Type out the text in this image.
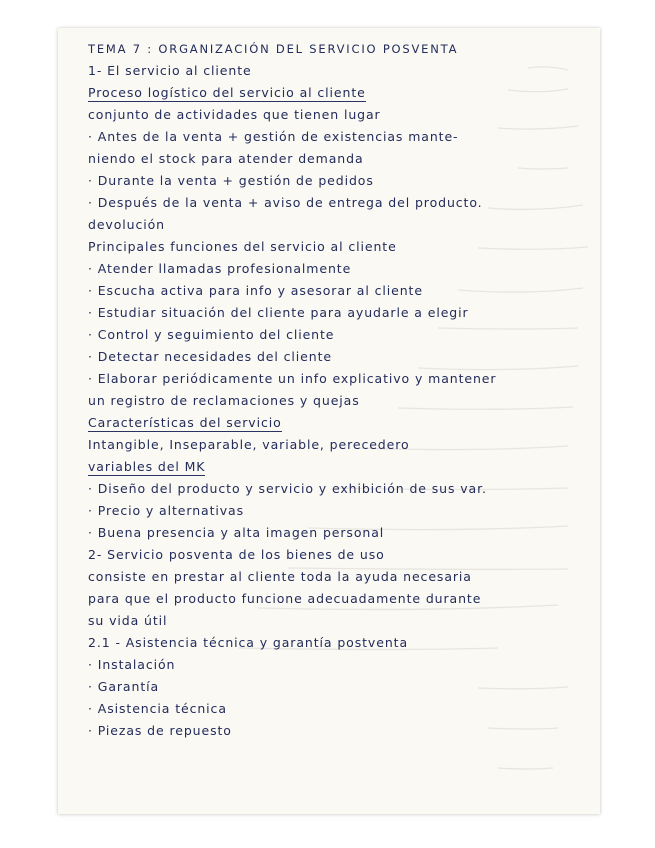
TEMA 7 : ORGANIZACIÓN DEL SERVICIO POSVENTA

1- El servicio al cliente

Proceso logístico del servicio al cliente

conjunto de actividades que tienen lugar

· Antes de la venta + gestión de existencias mante-

niendo el stock para atender demanda

· Durante la venta + gestión de pedidos

· Después de la venta + aviso de entrega del producto.

devolución

Principales funciones del servicio al cliente

· Atender llamadas profesionalmente

· Escucha activa para info y asesorar al cliente

· Estudiar situación del cliente para ayudarle a elegir

· Control y seguimiento del cliente

· Detectar necesidades del cliente

· Elaborar periódicamente un info explicativo y mantener

un registro de reclamaciones y quejas

Características del servicio

Intangible, Inseparable, variable, perecedero

variables del MK

· Diseño del producto y servicio y exhibición de sus var.

· Precio y alternativas

· Buena presencia y alta imagen personal

2- Servicio posventa de los bienes de uso

consiste en prestar al cliente toda la ayuda necesaria

para que el producto funcione adecuadamente durante

su vida útil

2.1 - Asistencia técnica y garantía postventa

· Instalación

· Garantía

· Asistencia técnica

· Piezas de repuesto
